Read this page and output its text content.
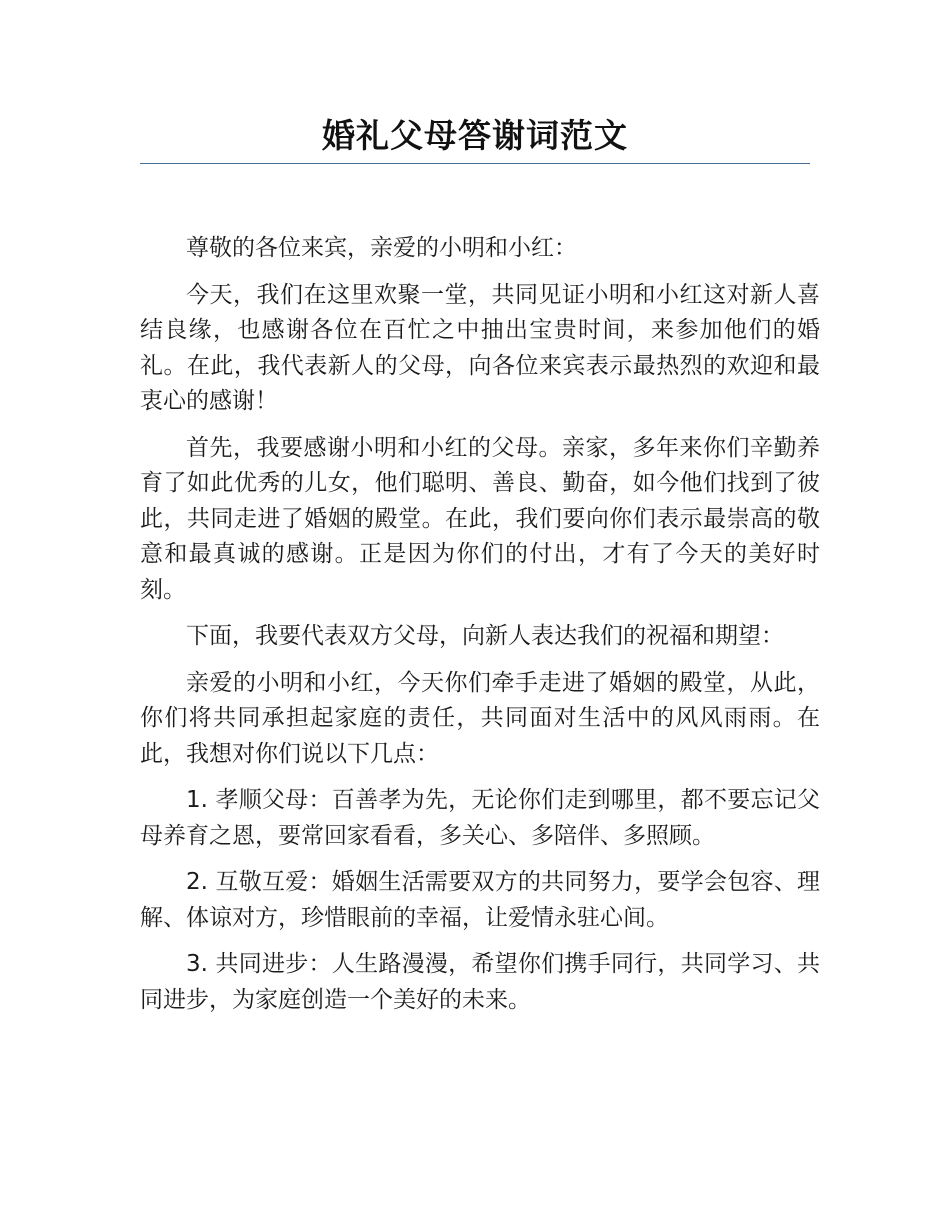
婚礼父母答谢词范文

尊敬的各位来宾，亲爱的小明和小红：

今天，我们在这里欢聚一堂，共同见证小明和小红这对新人喜结良缘，也感谢各位在百忙之中抽出宝贵时间，来参加他们的婚礼。在此，我代表新人的父母，向各位来宾表示最热烈的欢迎和最衷心的感谢！

首先，我要感谢小明和小红的父母。亲家，多年来你们辛勤养育了如此优秀的儿女，他们聪明、善良、勤奋，如今他们找到了彼此，共同走进了婚姻的殿堂。在此，我们要向你们表示最崇高的敬意和最真诚的感谢。正是因为你们的付出，才有了今天的美好时刻。

下面，我要代表双方父母，向新人表达我们的祝福和期望：

亲爱的小明和小红，今天你们牵手走进了婚姻的殿堂，从此，你们将共同承担起家庭的责任，共同面对生活中的风风雨雨。在此，我想对你们说以下几点：

1. 孝顺父母：百善孝为先，无论你们走到哪里，都不要忘记父母养育之恩，要常回家看看，多关心、多陪伴、多照顾。

2. 互敬互爱：婚姻生活需要双方的共同努力，要学会包容、理解、体谅对方，珍惜眼前的幸福，让爱情永驻心间。

3. 共同进步：人生路漫漫，希望你们携手同行，共同学习、共同进步，为家庭创造一个美好的未来。
